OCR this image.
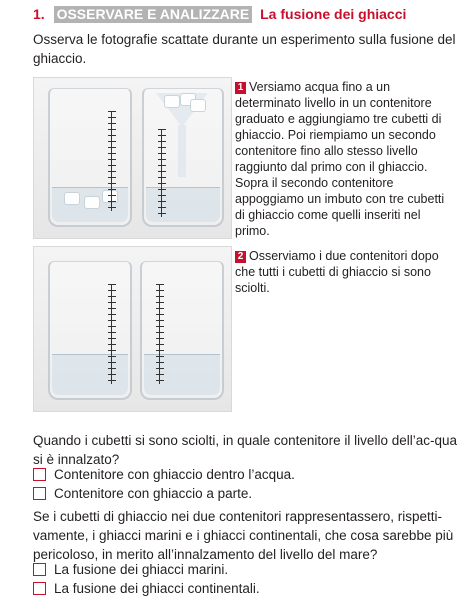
1. OSSERVARE E ANALIZZARE La fusione dei ghiacci
Osserva le fotografie scattate durante un esperimento sulla fusione del ghiaccio.
1 Versiamo acqua fino a un determinato livello in un contenitore graduato e aggiungiamo tre cubetti di ghiaccio. Poi riempiamo un secondo contenitore fino allo stesso livello raggiunto dal primo con il ghiaccio. Sopra il secondo contenitore appoggiamo un imbuto con tre cubetti di ghiaccio come quelli inseriti nel primo.
2 Osserviamo i due contenitori dopo che tutti i cubetti di ghiaccio si sono sciolti.
Quando i cubetti si sono sciolti, in quale contenitore il livello dell’ac-qua si è innalzato?
Contenitore con ghiaccio dentro l’acqua.
Contenitore con ghiaccio a parte.
Se i cubetti di ghiaccio nei due contenitori rappresentassero, rispetti-vamente, i ghiacci marini e i ghiacci continentali, che cosa sarebbe più pericoloso, in merito all’innalzamento del livello del mare?
La fusione dei ghiacci marini.
La fusione dei ghiacci continentali.
